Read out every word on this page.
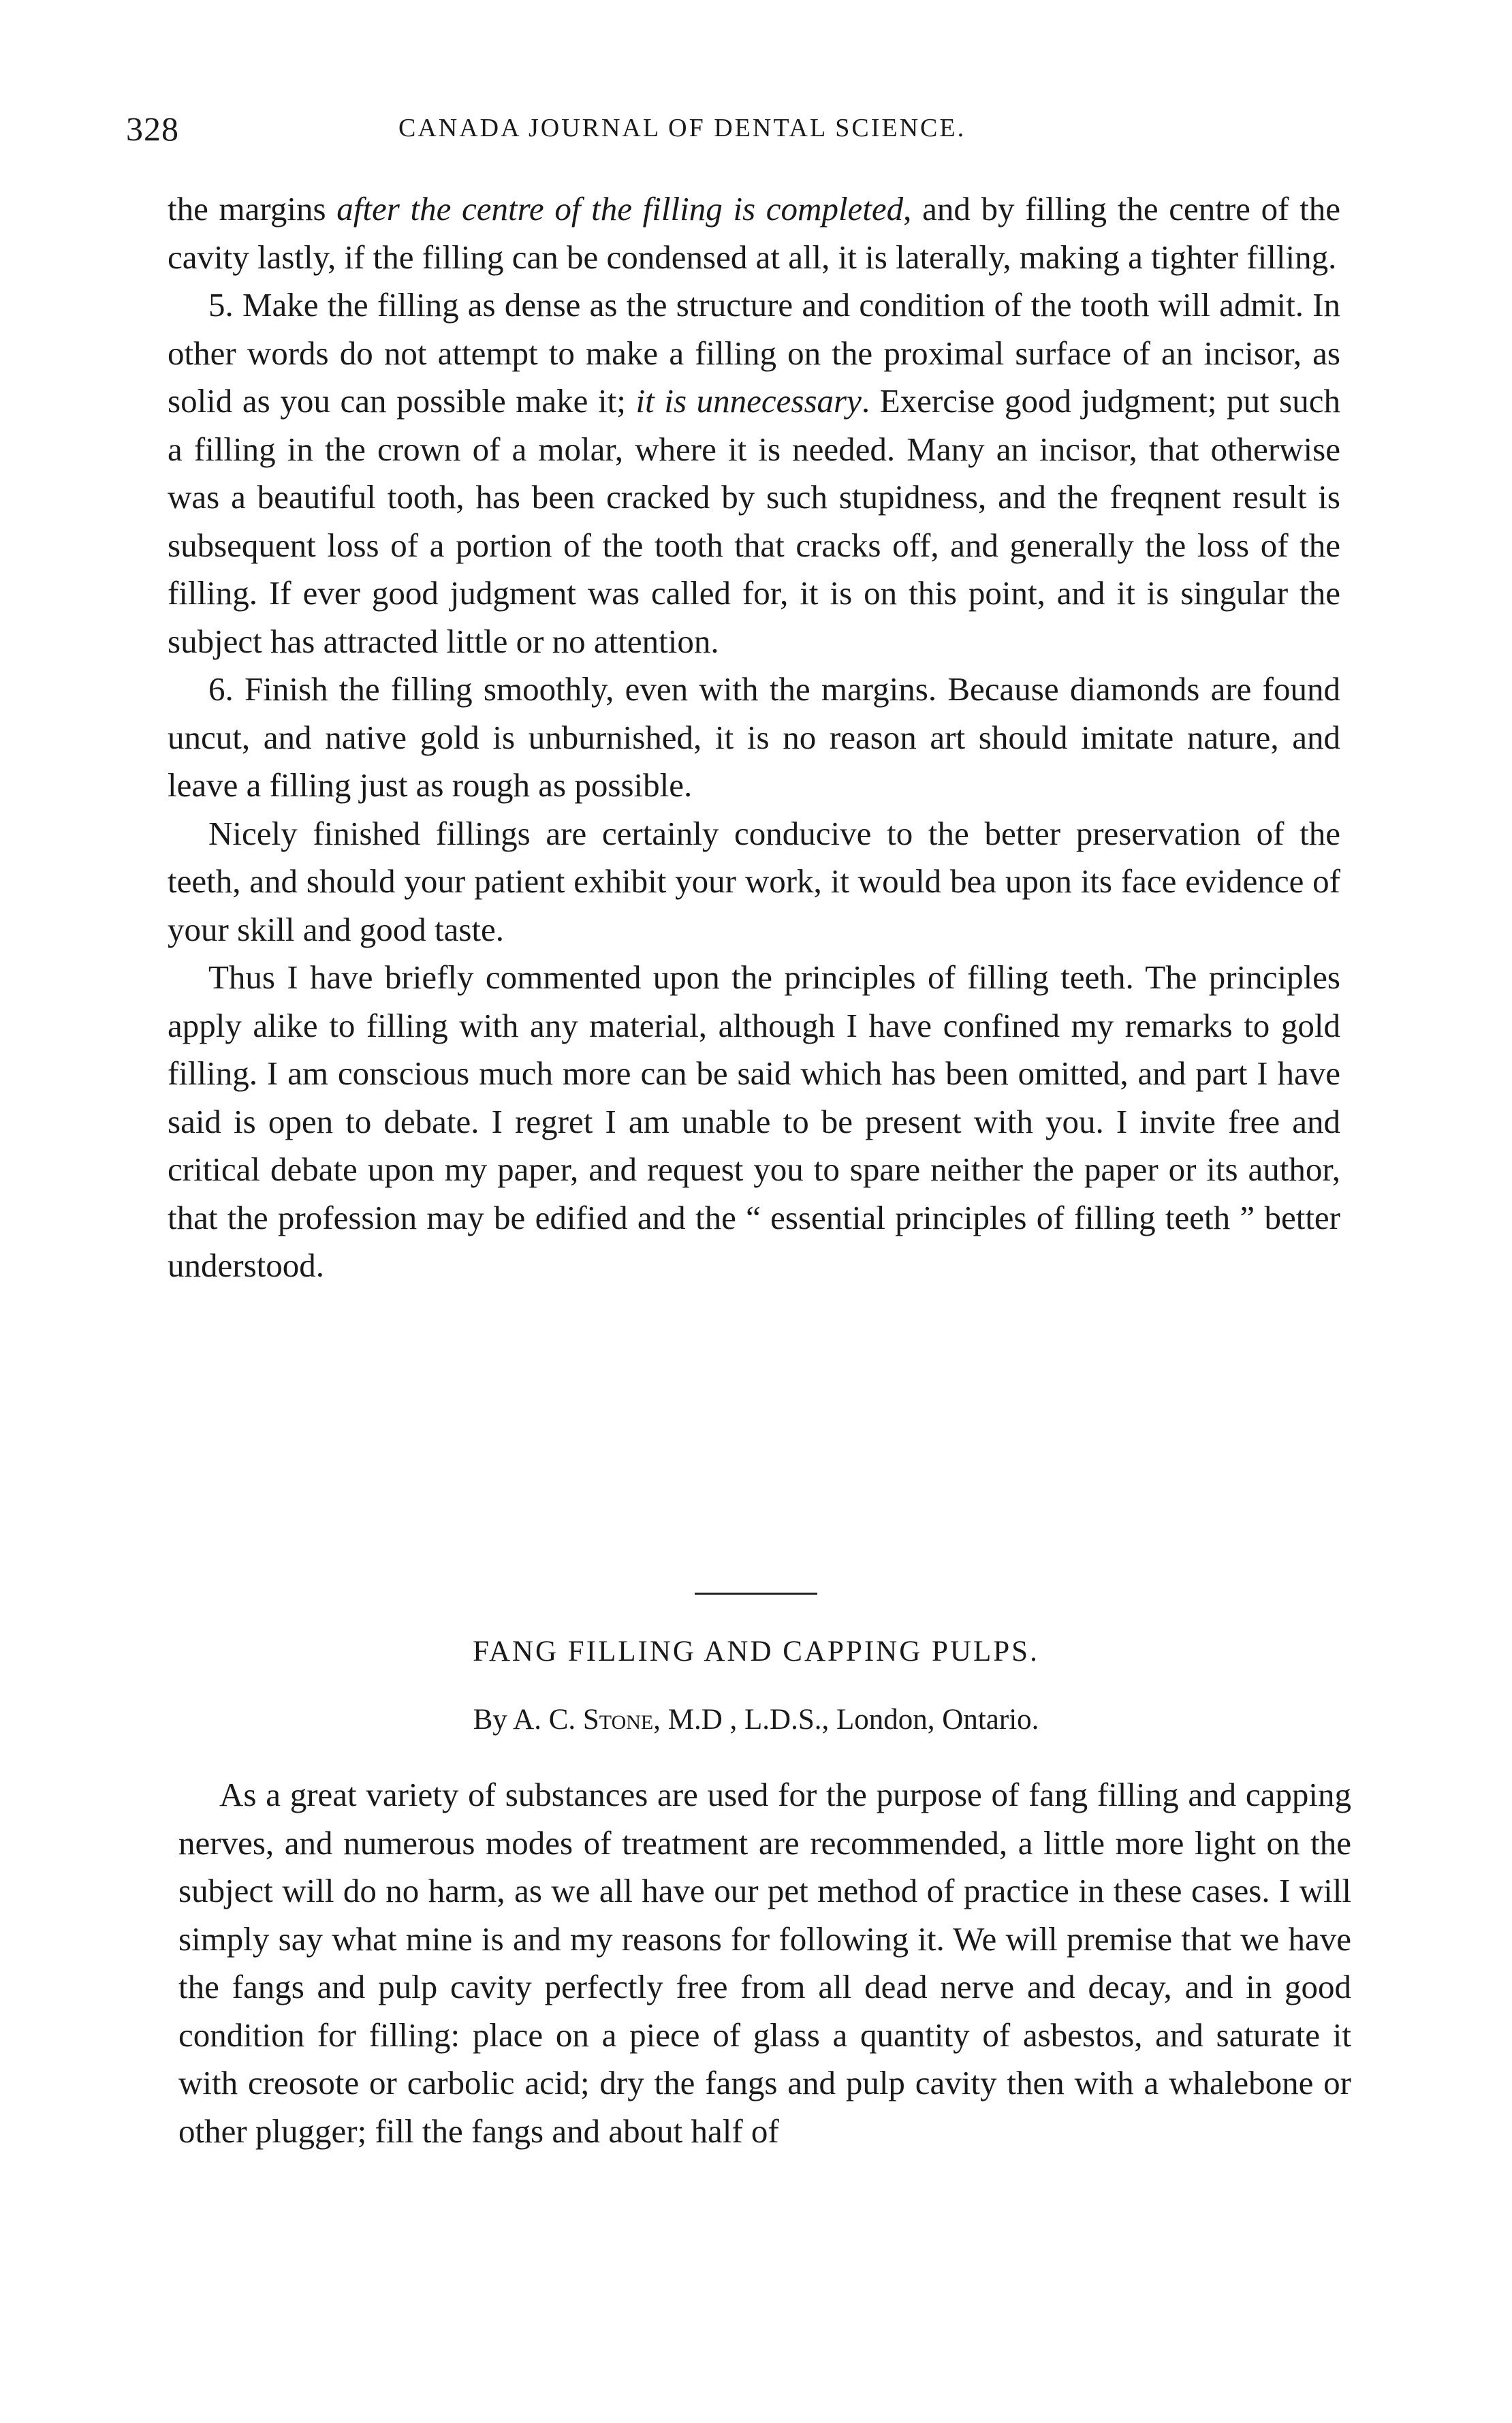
328	CANADA JOURNAL OF DENTAL SCIENCE.

the margins after the centre of the filling is completed, and by filling the centre of the cavity lastly, if the filling can be condensed at all, it is laterally, making a tighter filling.

5. Make the filling as dense as the structure and condition of the tooth will admit. In other words do not attempt to make a filling on the proximal surface of an incisor, as solid as you can possible make it; it is unnecessary. Exercise good judgment; put such a filling in the crown of a molar, where it is needed. Many an incisor, that otherwise was a beautiful tooth, has been cracked by such stupidness, and the freqnent result is subsequent loss of a portion of the tooth that cracks off, and generally the loss of the filling. If ever good judgment was called for, it is on this point, and it is singular the subject has attracted little or no attention.

6. Finish the filling smoothly, even with the margins. Because diamonds are found uncut, and native gold is unburnished, it is no reason art should imitate nature, and leave a filling just as rough as possible.

Nicely finished fillings are certainly conducive to the better preservation of the teeth, and should your patient exhibit your work, it would bea upon its face evidence of your skill and good taste.

Thus I have briefly commented upon the principles of filling teeth. The principles apply alike to filling with any material, although I have confined my remarks to gold filling. I am conscious much more can be said which has been omitted, and part I have said is open to debate. I regret I am unable to be present with you. I invite free and critical debate upon my paper, and request you to spare neither the paper or its author, that the profession may be edified and the “ essential principles of filling teeth ” better understood.

FANG FILLING AND CAPPING PULPS.
By A. C. Stone, M.D , L.D.S., London, Ontario.

As a great variety of substances are used for the purpose of fang filling and capping nerves, and numerous modes of treatment are recommended, a little more light on the subject will do no harm, as we all have our pet method of practice in these cases. I will simply say what mine is and my reasons for following it. We will premise that we have the fangs and pulp cavity perfectly free from all dead nerve and decay, and in good condition for filling: place on a piece of glass a quantity of asbestos, and saturate it with creosote or carbolic acid; dry the fangs and pulp cavity then with a whalebone or other plugger; fill the fangs and about half of
